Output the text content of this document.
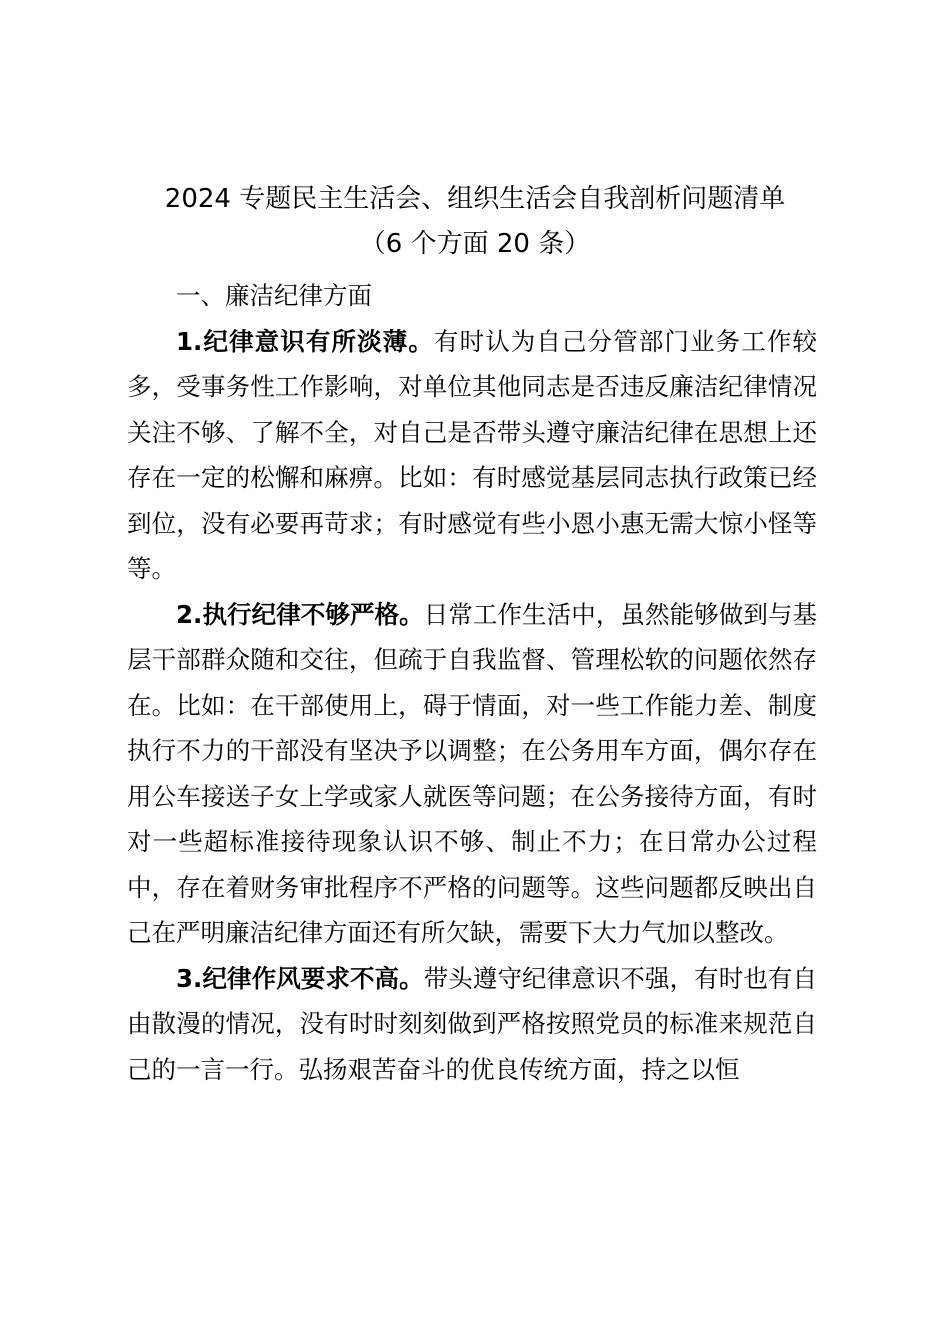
2024 专题民主生活会、组织生活会自我剖析问题清单
（6 个方面 20 条）

一、廉洁纪律方面

1.纪律意识有所淡薄。有时认为自己分管部门业务工作较多，受事务性工作影响，对单位其他同志是否违反廉洁纪律情况关注不够、了解不全，对自己是否带头遵守廉洁纪律在思想上还存在一定的松懈和麻痹。比如：有时感觉基层同志执行政策已经到位，没有必要再苛求；有时感觉有些小恩小惠无需大惊小怪等等。

2.执行纪律不够严格。日常工作生活中，虽然能够做到与基层干部群众随和交往，但疏于自我监督、管理松软的问题依然存在。比如：在干部使用上，碍于情面，对一些工作能力差、制度执行不力的干部没有坚决予以调整；在公务用车方面，偶尔存在用公车接送子女上学或家人就医等问题；在公务接待方面，有时对一些超标准接待现象认识不够、制止不力；在日常办公过程中，存在着财务审批程序不严格的问题等。这些问题都反映出自己在严明廉洁纪律方面还有所欠缺，需要下大力气加以整改。

3.纪律作风要求不高。带头遵守纪律意识不强，有时也有自由散漫的情况，没有时时刻刻做到严格按照党员的标准来规范自己的一言一行。弘扬艰苦奋斗的优良传统方面，持之以恒
